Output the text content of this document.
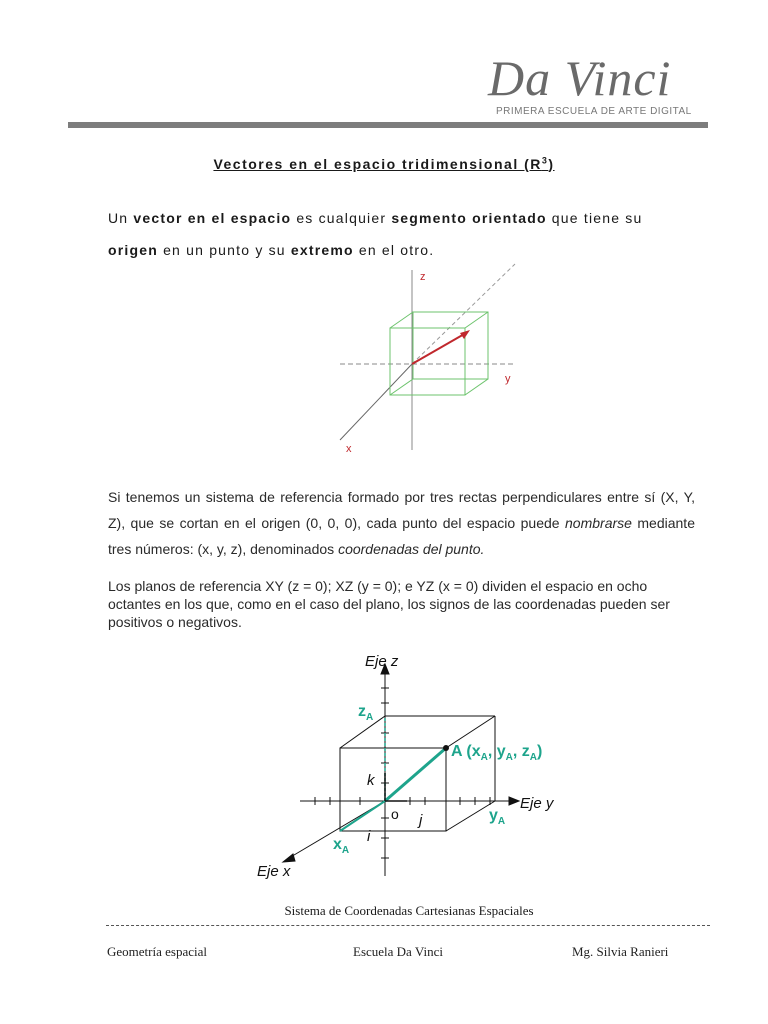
Da Vinci
PRIMERA ESCUELA DE ARTE DIGITAL
Vectores en el espacio tridimensional $(R^3)$
Un vector en el espacio es cualquier segmento orientado que tiene su
origen en un punto y su extremo en el otro.
z
y
x
Si tenemos un sistema de referencia formado por tres rectas perpendiculares entre sí (X, Y, Z), que se cortan en el origen (0, 0, 0), cada punto del espacio puede nombrarse mediante tres números: (x, y, z), denominados coordenadas del punto.
Los planos de referencia XY (z = 0); XZ (y = 0); e YZ (x = 0) dividen el espacio en ocho octantes en los que, como en el caso del plano, los signos de las coordenadas pueden ser positivos o negativos.
Eje z
Eje y
Eje x
$z_A$
A ($x_A$, $y_A$, $z_A$)
$y_A$
$x_A$
k
j
i
o
Sistema de Coordenadas Cartesianas Espaciales
Geometría espacial	Escuela Da Vinci	Mg. Silvia Ranieri
